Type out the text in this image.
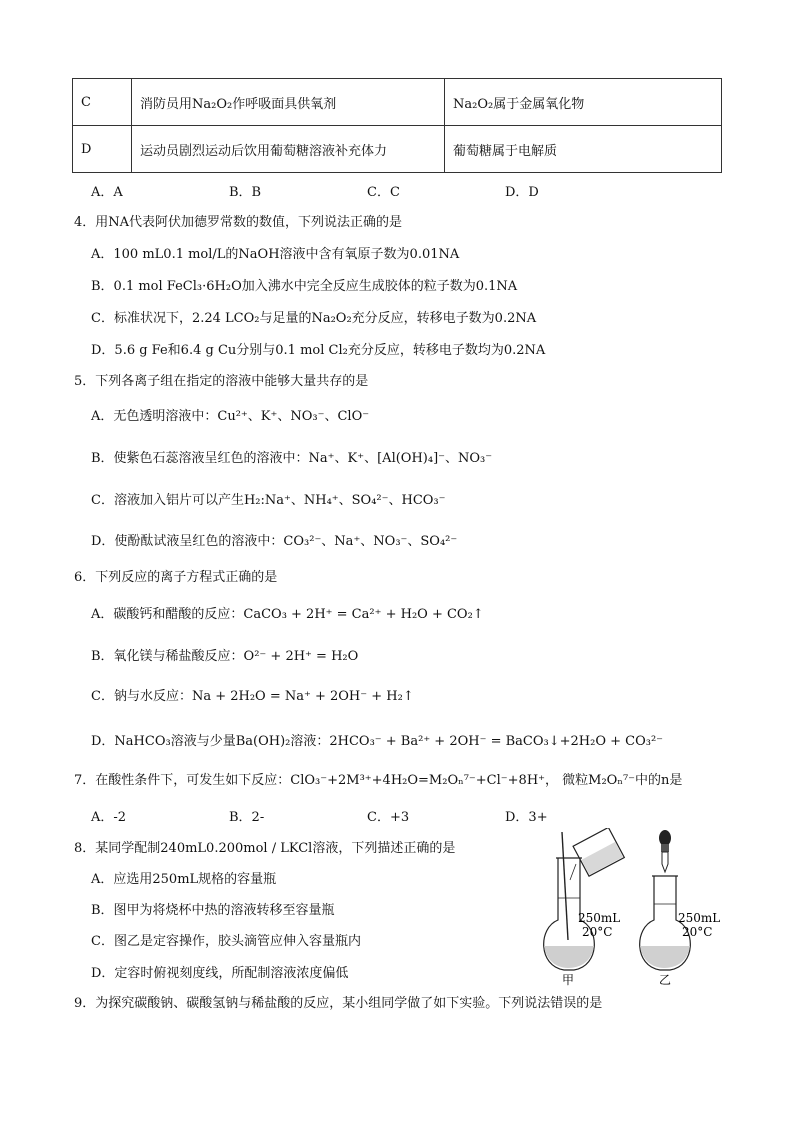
C	消防员用Na₂O₂作呼吸面具供氧剂	Na₂O₂属于金属氧化物
D	运动员剧烈运动后饮用葡萄糖溶液补充体力	葡萄糖属于电解质
A．A	B．B	C．C	D．D
4．用NA代表阿伏加德罗常数的数值，下列说法正确的是
A．100 mL0.1 mol/L的NaOH溶液中含有氧原子数为0.01NA
B．0.1 mol FeCl₃·6H₂O加入沸水中完全反应生成胶体的粒子数为0.1NA
C．标准状况下，2.24 LCO₂与足量的Na₂O₂充分反应，转移电子数为0.2NA
D．5.6 g Fe和6.4 g Cu分别与0.1 mol Cl₂充分反应，转移电子数均为0.2NA
5．下列各离子组在指定的溶液中能够大量共存的是
A．无色透明溶液中：Cu²⁺、K⁺、NO₃⁻、ClO⁻
B．使紫色石蕊溶液呈红色的溶液中：Na⁺、K⁺、[Al(OH)₄]⁻、NO₃⁻
C．溶液加入铝片可以产生H₂:Na⁺、NH₄⁺、SO₄²⁻、HCO₃⁻
D．使酚酞试液呈红色的溶液中：CO₃²⁻、Na⁺、NO₃⁻、SO₄²⁻
6．下列反应的离子方程式正确的是
A．碳酸钙和醋酸的反应：CaCO₃ + 2H⁺ = Ca²⁺ + H₂O + CO₂↑
B．氧化镁与稀盐酸反应：O²⁻ + 2H⁺ = H₂O
C．钠与水反应：Na + 2H₂O = Na⁺ + 2OH⁻ + H₂↑
D．NaHCO₃溶液与少量Ba(OH)₂溶液：2HCO₃⁻ + Ba²⁺ + 2OH⁻ = BaCO₃↓+2H₂O + CO₃²⁻
7．在酸性条件下，可发生如下反应：ClO₃⁻+2M³⁺+4H₂O=M₂Oₙ⁷⁻+Cl⁻+8H⁺， 微粒M₂Oₙ⁷⁻中的n是
A．-2	B．2-	C．+3	D．3+
8．某同学配制240mL0.200mol / LKCl溶液，下列描述正确的是
A．应选用250mL规格的容量瓶
B．图甲为将烧杯中热的溶液转移至容量瓶
C．图乙是定容操作，胶头滴管应伸入容量瓶内
D．定容时俯视刻度线，所配制溶液浓度偏低
250mL
20°C
甲
250mL
20°C
乙
9．为探究碳酸钠、碳酸氢钠与稀盐酸的反应，某小组同学做了如下实验。下列说法错误的是
